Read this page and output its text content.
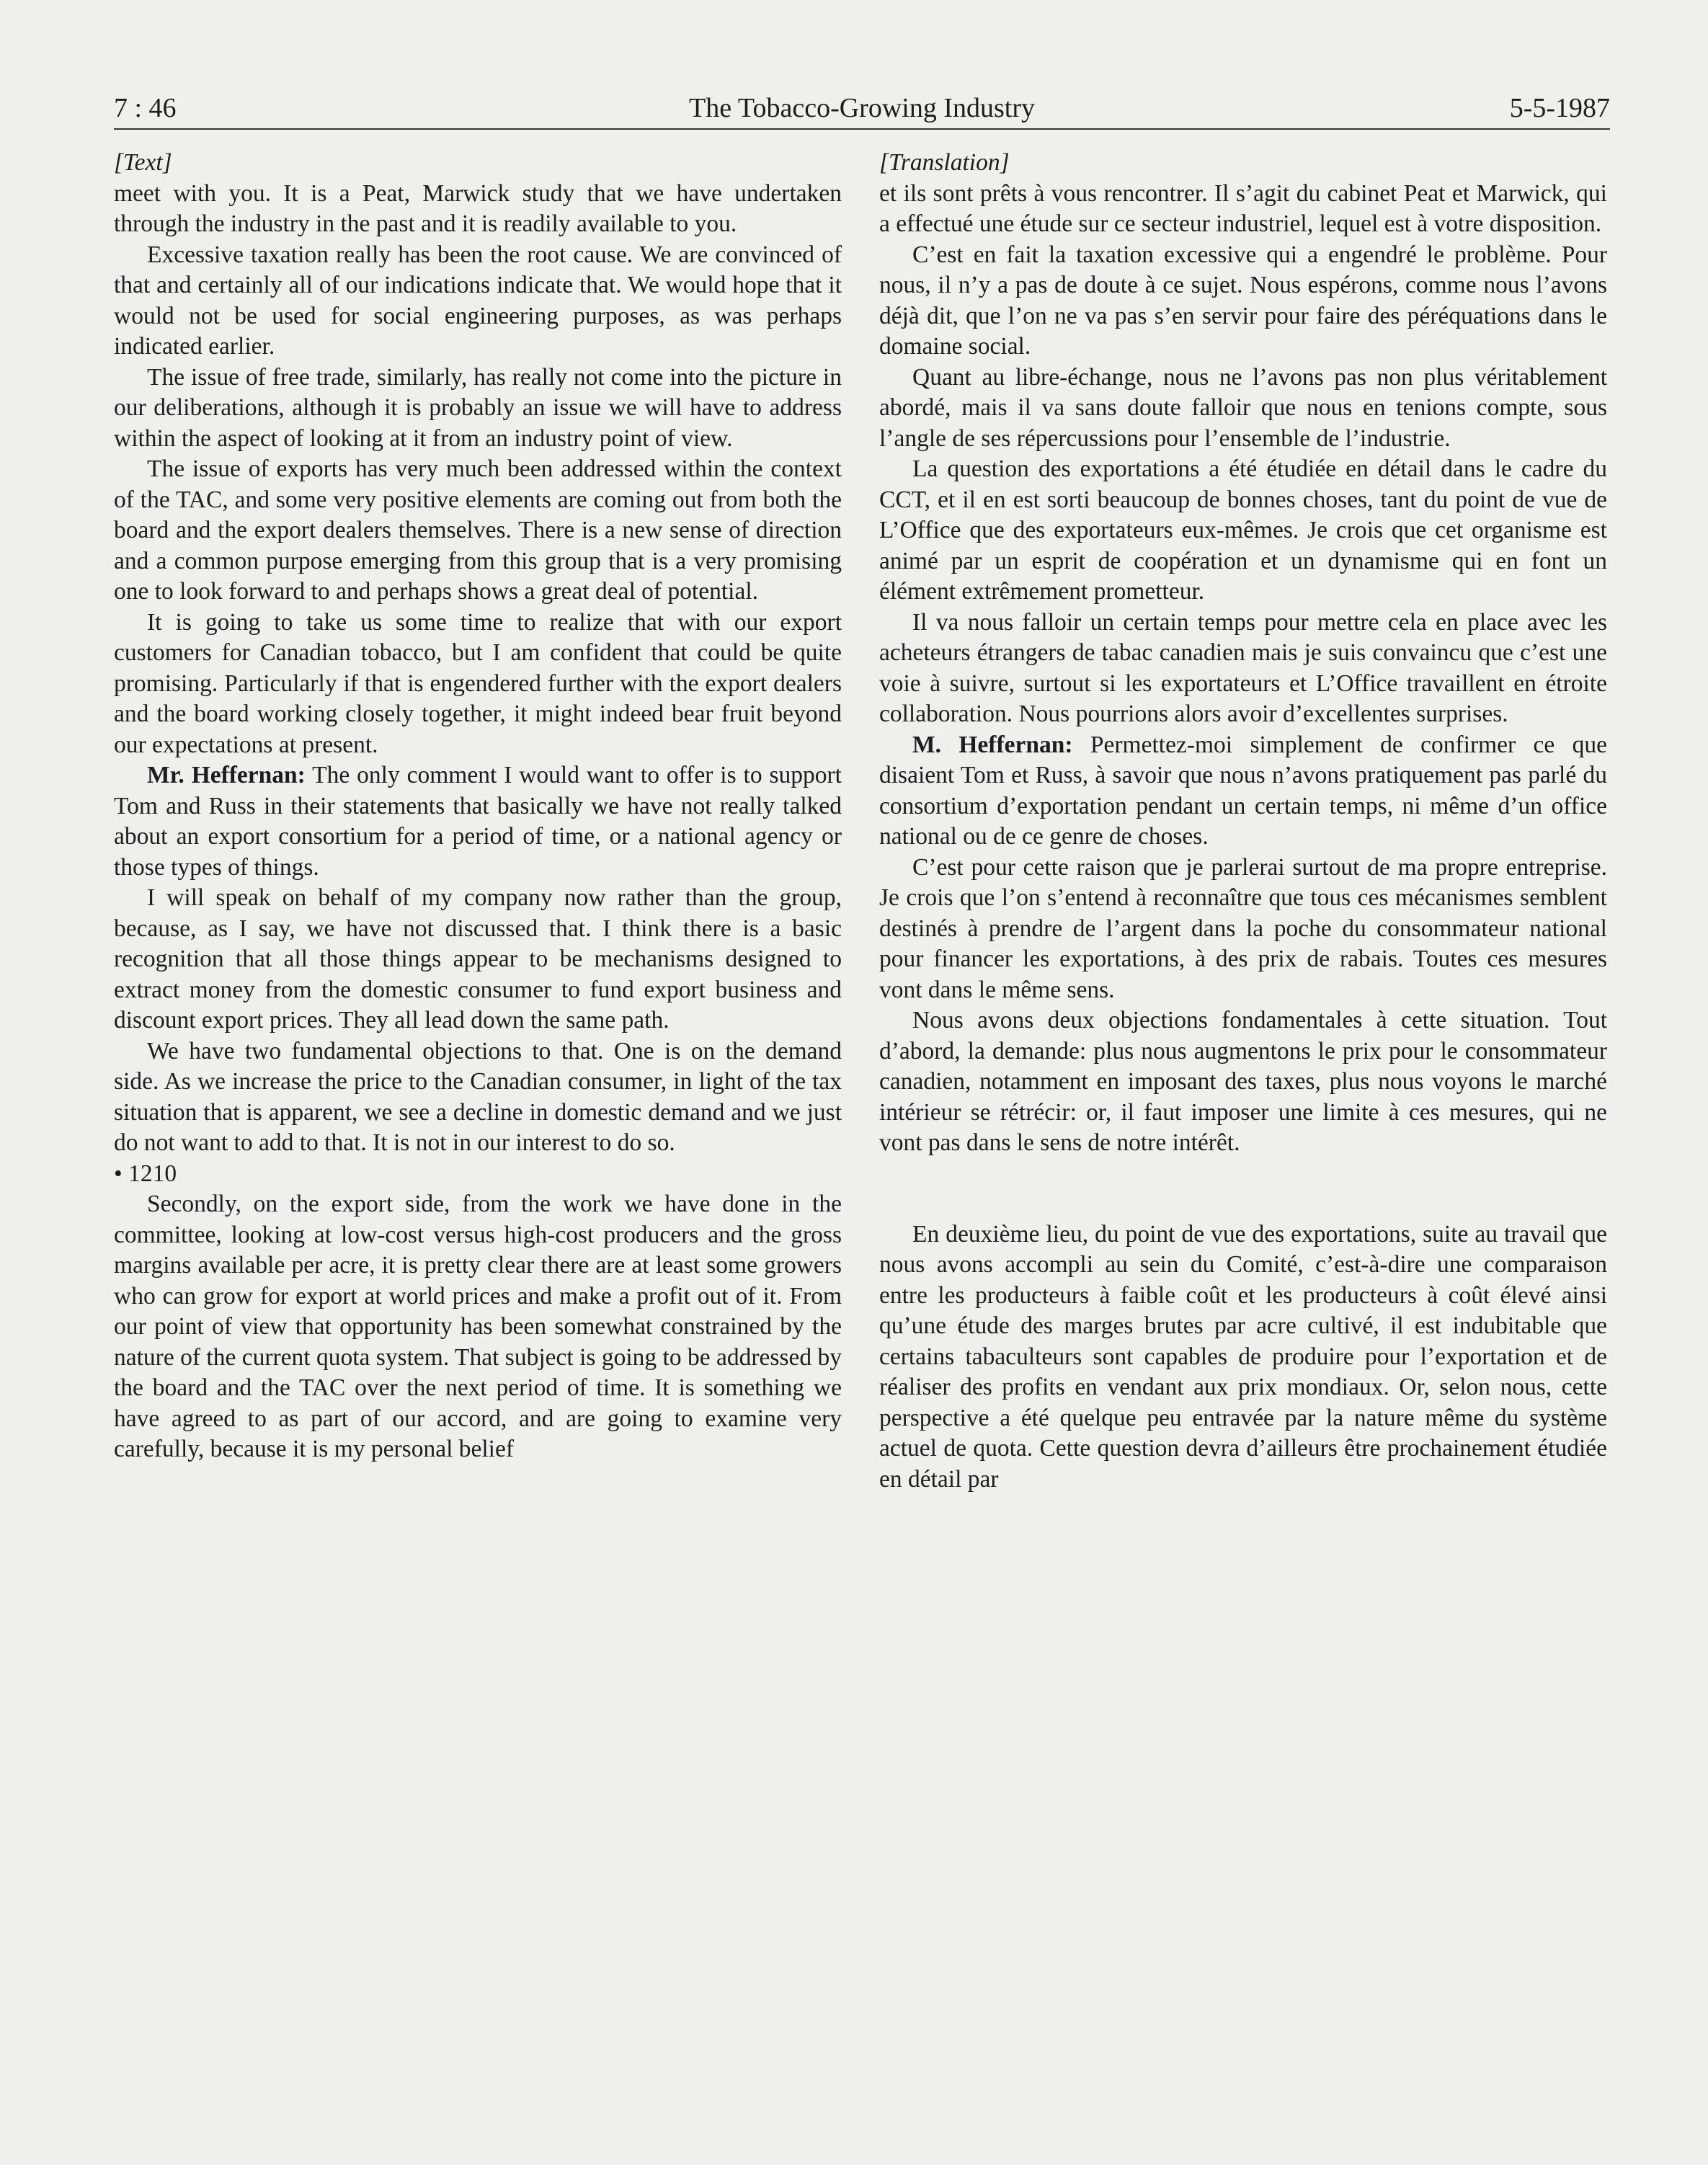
7 : 46	The Tobacco-Growing Industry	5-5-1987

[Text]

meet with you. It is a Peat, Marwick study that we have undertaken through the industry in the past and it is readily available to you.

Excessive taxation really has been the root cause. We are convinced of that and certainly all of our indications indicate that. We would hope that it would not be used for social engineering purposes, as was perhaps indicated earlier.

The issue of free trade, similarly, has really not come into the picture in our deliberations, although it is probably an issue we will have to address within the aspect of looking at it from an industry point of view.

The issue of exports has very much been addressed within the context of the TAC, and some very positive elements are coming out from both the board and the export dealers themselves. There is a new sense of direction and a common purpose emerging from this group that is a very promising one to look forward to and perhaps shows a great deal of potential.

It is going to take us some time to realize that with our export customers for Canadian tobacco, but I am confident that could be quite promising. Particularly if that is engendered further with the export dealers and the board working closely together, it might indeed bear fruit beyond our expectations at present.

Mr. Heffernan: The only comment I would want to offer is to support Tom and Russ in their statements that basically we have not really talked about an export consortium for a period of time, or a national agency or those types of things.

I will speak on behalf of my company now rather than the group, because, as I say, we have not discussed that. I think there is a basic recognition that all those things appear to be mechanisms designed to extract money from the domestic consumer to fund export business and discount export prices. They all lead down the same path.

We have two fundamental objections to that. One is on the demand side. As we increase the price to the Canadian consumer, in light of the tax situation that is apparent, we see a decline in domestic demand and we just do not want to add to that. It is not in our interest to do so.

• 1210

Secondly, on the export side, from the work we have done in the committee, looking at low-cost versus high-cost producers and the gross margins available per acre, it is pretty clear there are at least some growers who can grow for export at world prices and make a profit out of it. From our point of view that opportunity has been somewhat constrained by the nature of the current quota system. That subject is going to be addressed by the board and the TAC over the next period of time. It is something we have agreed to as part of our accord, and are going to examine very carefully, because it is my personal belief

[Translation]

et ils sont prêts à vous rencontrer. Il s’agit du cabinet Peat et Marwick, qui a effectué une étude sur ce secteur industriel, lequel est à votre disposition.

C’est en fait la taxation excessive qui a engendré le problème. Pour nous, il n’y a pas de doute à ce sujet. Nous espérons, comme nous l’avons déjà dit, que l’on ne va pas s’en servir pour faire des péréquations dans le domaine social.

Quant au libre-échange, nous ne l’avons pas non plus véritablement abordé, mais il va sans doute falloir que nous en tenions compte, sous l’angle de ses répercussions pour l’ensemble de l’industrie.

La question des exportations a été étudiée en détail dans le cadre du CCT, et il en est sorti beaucoup de bonnes choses, tant du point de vue de L’Office que des exportateurs eux-mêmes. Je crois que cet organisme est animé par un esprit de coopération et un dynamisme qui en font un élément extrêmement prometteur.

Il va nous falloir un certain temps pour mettre cela en place avec les acheteurs étrangers de tabac canadien mais je suis convaincu que c’est une voie à suivre, surtout si les exportateurs et L’Office travaillent en étroite collaboration. Nous pourrions alors avoir d’excellentes surprises.

M. Heffernan: Permettez-moi simplement de confirmer ce que disaient Tom et Russ, à savoir que nous n’avons pratiquement pas parlé du consortium d’exportation pendant un certain temps, ni même d’un office national ou de ce genre de choses.

C’est pour cette raison que je parlerai surtout de ma propre entreprise. Je crois que l’on s’entend à reconnaître que tous ces mécanismes semblent destinés à prendre de l’argent dans la poche du consommateur national pour financer les exportations, à des prix de rabais. Toutes ces mesures vont dans le même sens.

Nous avons deux objections fondamentales à cette situation. Tout d’abord, la demande: plus nous augmentons le prix pour le consommateur canadien, notamment en imposant des taxes, plus nous voyons le marché intérieur se rétrécir: or, il faut imposer une limite à ces mesures, qui ne vont pas dans le sens de notre intérêt.

En deuxième lieu, du point de vue des exportations, suite au travail que nous avons accompli au sein du Comité, c’est-à-dire une comparaison entre les producteurs à faible coût et les producteurs à coût élevé ainsi qu’une étude des marges brutes par acre cultivé, il est indubitable que certains tabaculteurs sont capables de produire pour l’exportation et de réaliser des profits en vendant aux prix mondiaux. Or, selon nous, cette perspective a été quelque peu entravée par la nature même du système actuel de quota. Cette question devra d’ailleurs être prochainement étudiée en détail par
